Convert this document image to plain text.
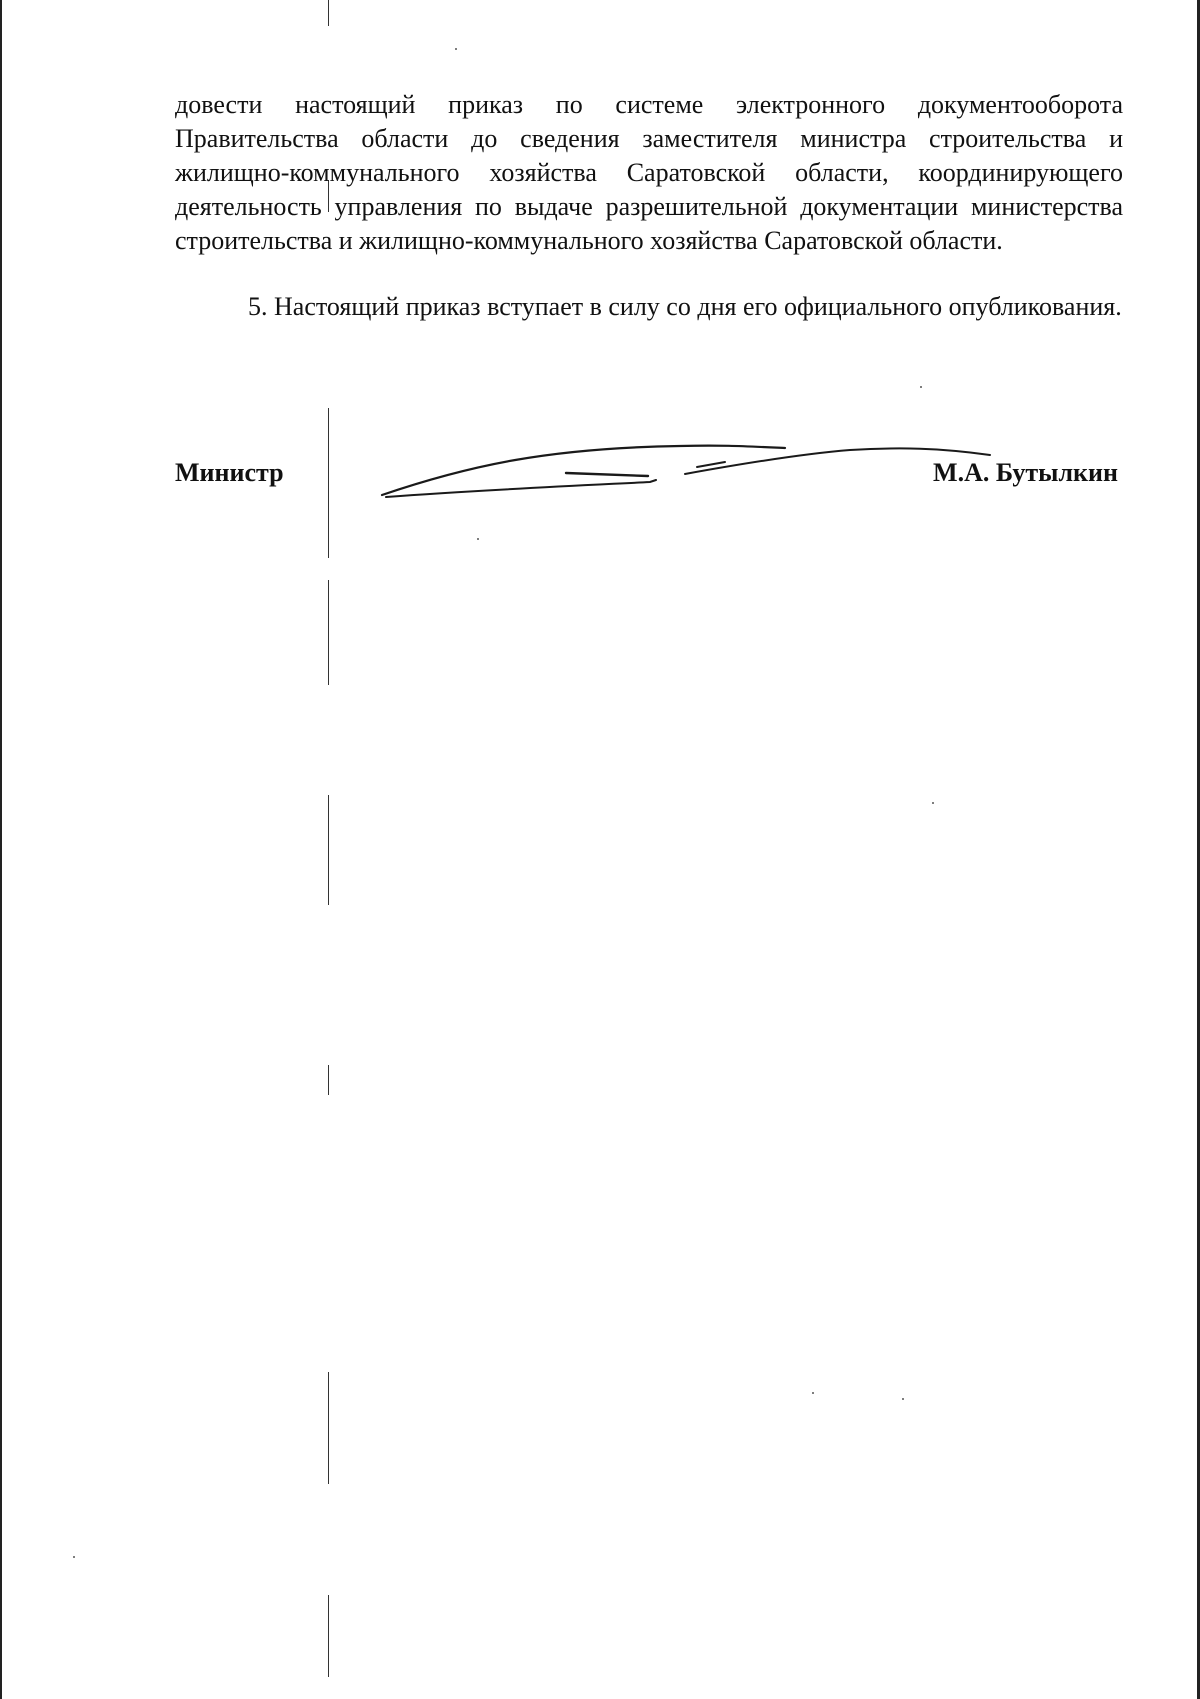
довести настоящий приказ по системе электронного документооборота Правительства области до сведения заместителя министра строительства и жилищно-коммунального хозяйства Саратовской области, координирующего деятельность управления по выдаче разрешительной документации министерства строительства и жилищно-коммунального хозяйства Саратовской области.

5. Настоящий приказ вступает в силу со дня его официального опубликования.

Министр	М.А. Бутылкин
